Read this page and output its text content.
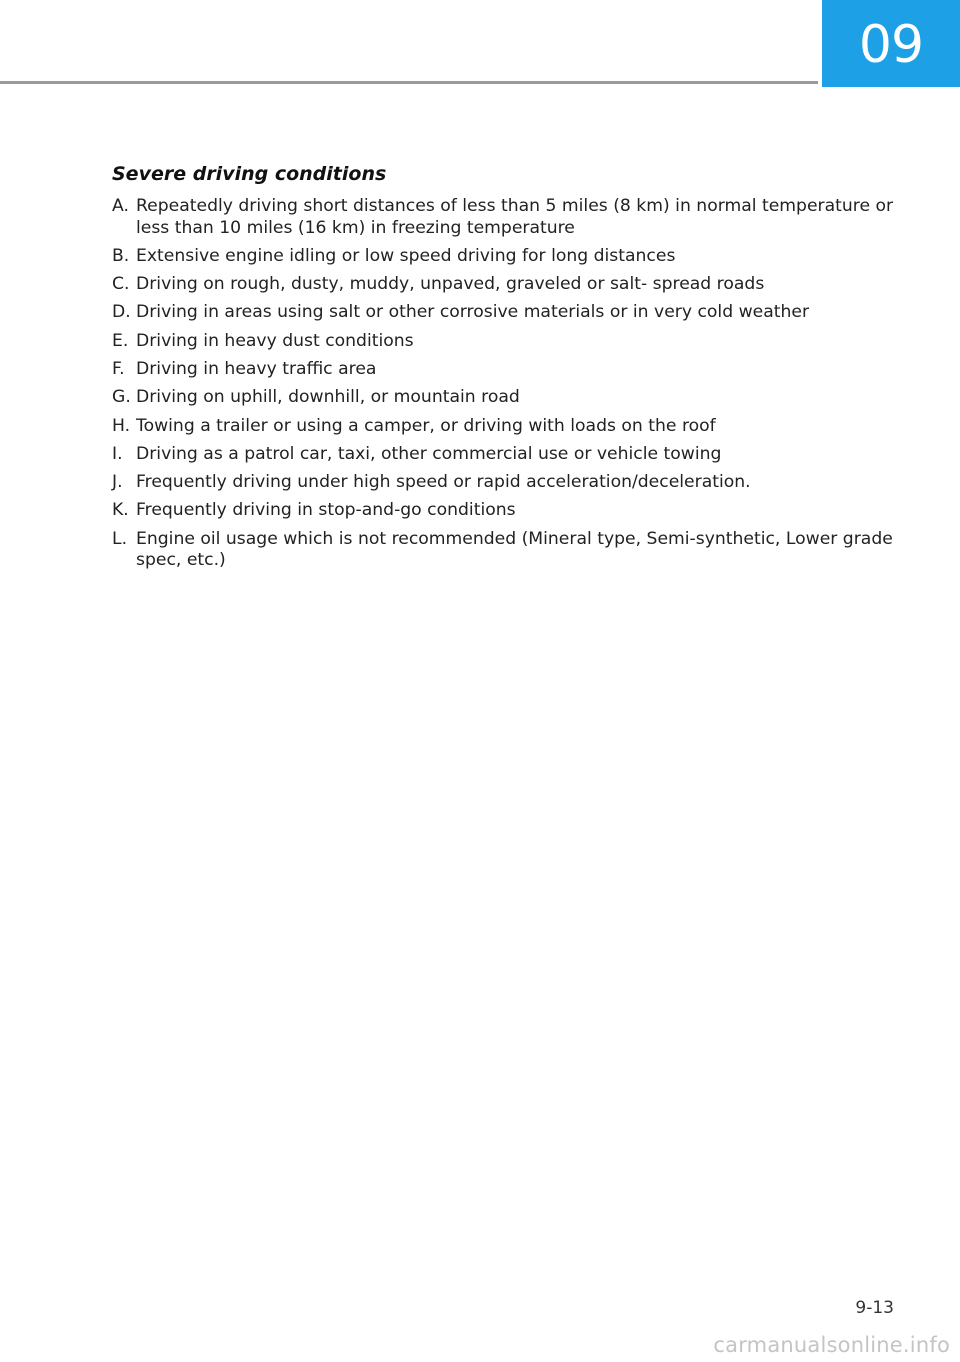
09
Severe driving conditions
A. Repeatedly driving short distances of less than 5 miles (8 km) in normal temperature or less than 10 miles (16 km) in freezing temperature
B. Extensive engine idling or low speed driving for long distances
C. Driving on rough, dusty, muddy, unpaved, graveled or salt- spread roads
D. Driving in areas using salt or other corrosive materials or in very cold weather
E. Driving in heavy dust conditions
F. Driving in heavy traffic area
G. Driving on uphill, downhill, or mountain road
H. Towing a trailer or using a camper, or driving with loads on the roof
I. Driving as a patrol car, taxi, other commercial use or vehicle towing
J. Frequently driving under high speed or rapid acceleration/deceleration.
K. Frequently driving in stop-and-go conditions
L. Engine oil usage which is not recommended (Mineral type, Semi-synthetic, Lower grade spec, etc.)
9-13
carmanualsonline.info
